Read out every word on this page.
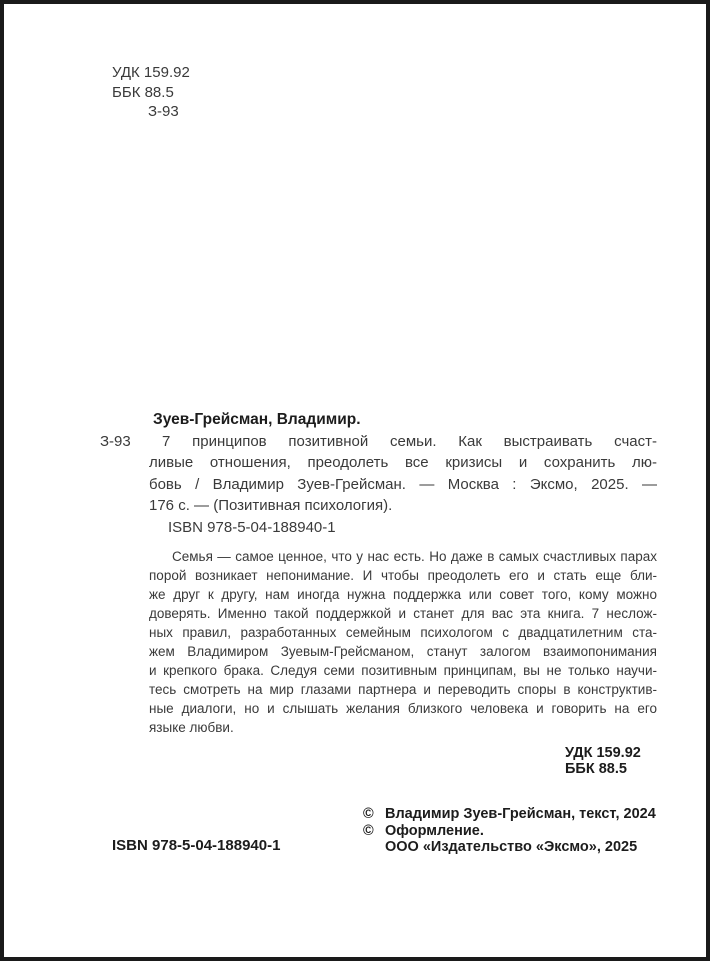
УДК 159.92
ББК 88.5
З-93
Зуев-Грейсман, Владимир.
З-93	7 принципов позитивной семьи. Как выстраивать счаст-
ливые отношения, преодолеть все кризисы и сохранить лю-
бовь / Владимир Зуев-Грейсман. — Москва : Эксмо, 2025. —
176 с. — (Позитивная психология).
ISBN 978-5-04-188940-1
Семья — самое ценное, что у нас есть. Но даже в самых счастливых парах
порой возникает непонимание. И чтобы преодолеть его и стать еще бли-
же друг к другу, нам иногда нужна поддержка или совет того, кому можно
доверять. Именно такой поддержкой и станет для вас эта книга. 7 неслож-
ных правил, разработанных семейным психологом с двадцатилетним ста-
жем Владимиром Зуевым-Грейсманом, станут залогом взаимопонимания
и крепкого брака. Следуя семи позитивным принципам, вы не только научи-
тесь смотреть на мир глазами партнера и переводить споры в конструктив-
ные диалоги, но и слышать желания близкого человека и говорить на его
языке любви.
УДК 159.92
ББК 88.5
© Владимир Зуев-Грейсман, текст, 2024
© Оформление.
ООО «Издательство «Эксмо», 2025
ISBN 978-5-04-188940-1
